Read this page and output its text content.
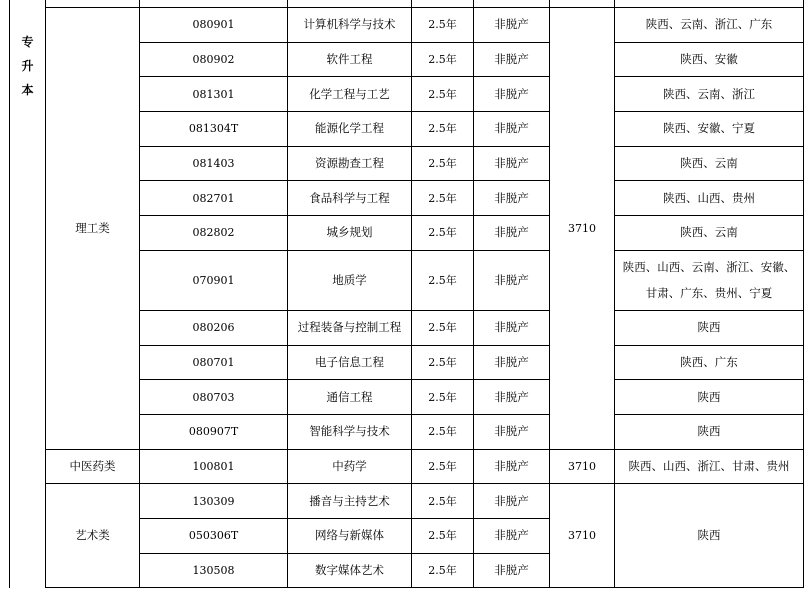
专
升
本	理工类	080901	计算机科学与技术	2.5年	非脱产	3710	陕西、云南、浙江、广东
		080902	软件工程	2.5年	非脱产		陕西、安徽
		081301	化学工程与工艺	2.5年	非脱产		陕西、云南、浙江
		081304T	能源化学工程	2.5年	非脱产		陕西、安徽、宁夏
		081403	资源勘查工程	2.5年	非脱产		陕西、云南
		082701	食品科学与工程	2.5年	非脱产		陕西、山西、贵州
		082802	城乡规划	2.5年	非脱产		陕西、云南
		070901	地质学	2.5年	非脱产		陕西、山西、云南、浙江、安徽、
甘肃、广东、贵州、宁夏

		080206	过程装备与控制工程	2.5年	非脱产		陕西
		080701	电子信息工程	2.5年	非脱产		陕西、广东
		080703	通信工程	2.5年	非脱产		陕西
		080907T	智能科学与技术	2.5年	非脱产		陕西
	中医药类	100801	中药学	2.5年	非脱产	3710	陕西、山西、浙江、甘肃、贵州
	艺术类	130309	播音与主持艺术	2.5年	非脱产	3710	陕西
		050306T	网络与新媒体	2.5年	非脱产		
		130508	数字媒体艺术	2.5年	非脱产		
